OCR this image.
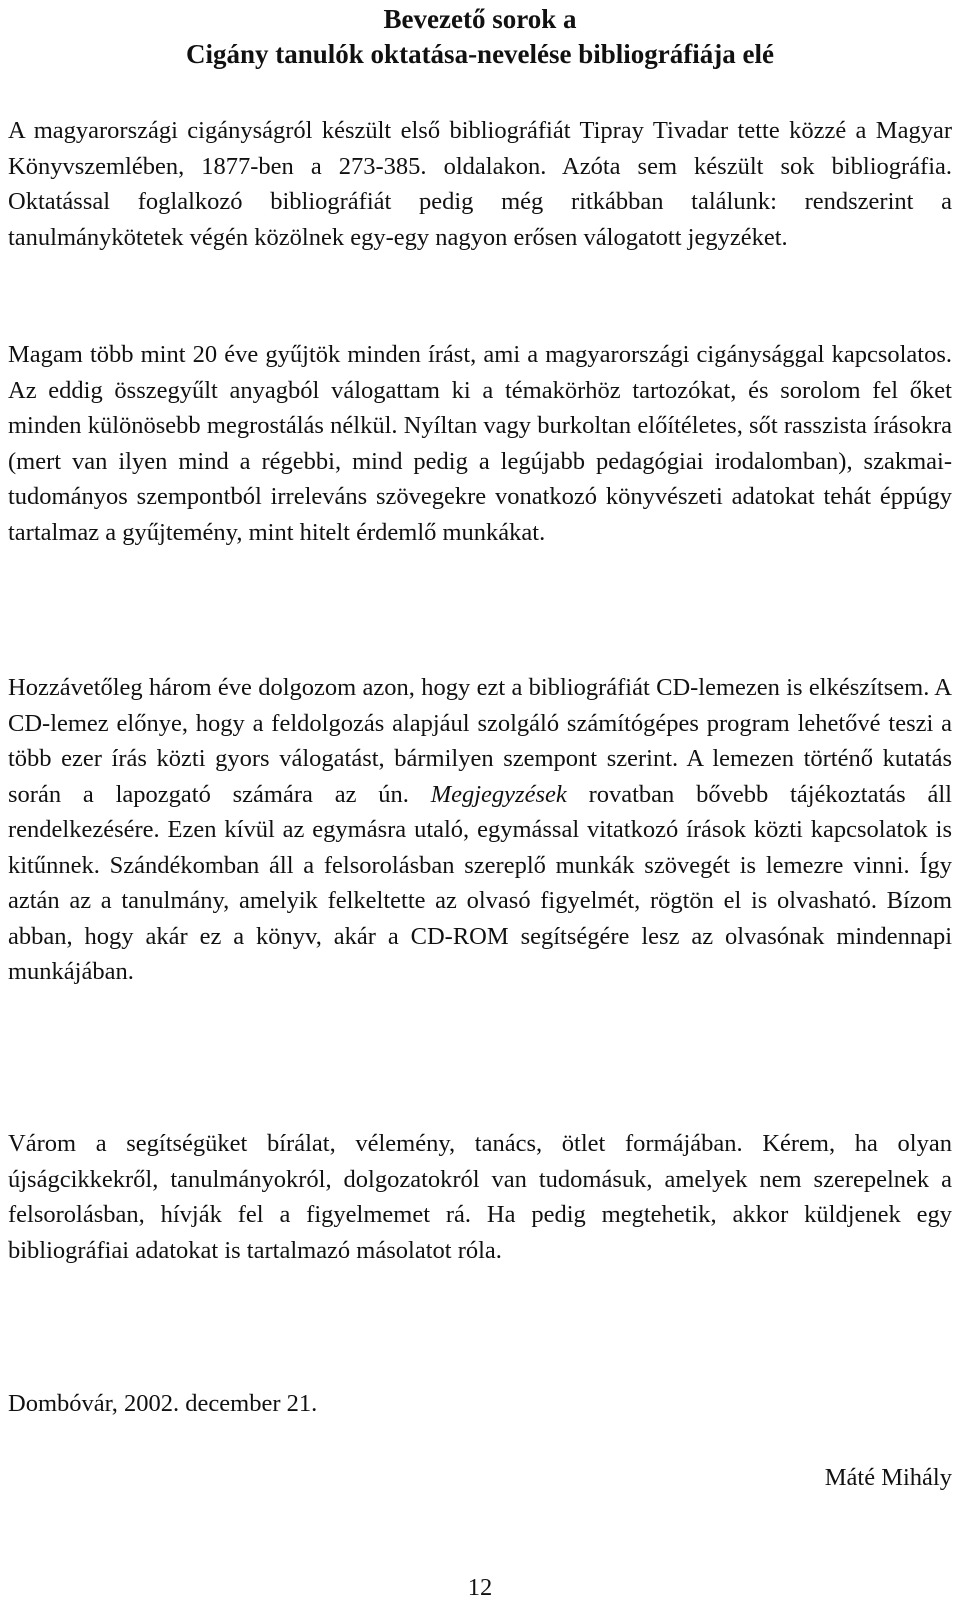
Bevezető sorok a
Cigány tanulók oktatása-nevelése bibliográfiája elé

A magyarországi cigányságról készült első bibliográfiát Tipray Tivadar tette közzé a Magyar Könyvszemlében, 1877-ben a 273-385. oldalakon. Azóta sem készült sok bibliográfia. Oktatással foglalkozó bibliográfiát pedig még ritkábban találunk: rendszerint a tanulmánykötetek végén közölnek egy-egy nagyon erősen válogatott jegyzéket.

Magam több mint 20 éve gyűjtök minden írást, ami a magyarországi cigánysággal kapcsolatos. Az eddig összegyűlt anyagból válogattam ki a témakörhöz tartozókat, és sorolom fel őket minden különösebb megrostálás nélkül. Nyíltan vagy burkoltan előítéletes, sőt rasszista írásokra (mert van ilyen mind a régebbi, mind pedig a legújabb pedagógiai irodalomban), szakmai-tudományos szempontból irreleváns szövegekre vonatkozó könyvészeti adatokat tehát éppúgy tartalmaz a gyűjtemény, mint hitelt érdemlő munkákat.

Hozzávetőleg három éve dolgozom azon, hogy ezt a bibliográfiát CD-lemezen is elkészítsem. A CD-lemez előnye, hogy a feldolgozás alapjául szolgáló számítógépes program lehetővé teszi a több ezer írás közti gyors válogatást, bármilyen szempont szerint. A lemezen történő kutatás során a lapozgató számára az ún. Megjegyzések rovatban bővebb tájékoztatás áll rendelkezésére. Ezen kívül az egymásra utaló, egymással vitatkozó írások közti kapcsolatok is kitűnnek. Szándékomban áll a felsorolásban szereplő munkák szövegét is lemezre vinni. Így aztán az a tanulmány, amelyik felkeltette az olvasó figyelmét, rögtön el is olvasható. Bízom abban, hogy akár ez a könyv, akár a CD-ROM segítségére lesz az olvasónak mindennapi munkájában.

Várom a segítségüket bírálat, vélemény, tanács, ötlet formájában. Kérem, ha olyan újságcikkekről, tanulmányokról, dolgozatokról van tudomásuk, amelyek nem szerepelnek a felsorolásban, hívják fel a figyelmemet rá. Ha pedig megtehetik, akkor küldjenek egy bibliográfiai adatokat is tartalmazó másolatot róla.

Dombóvár, 2002. december 21.
Máté Mihály
12
